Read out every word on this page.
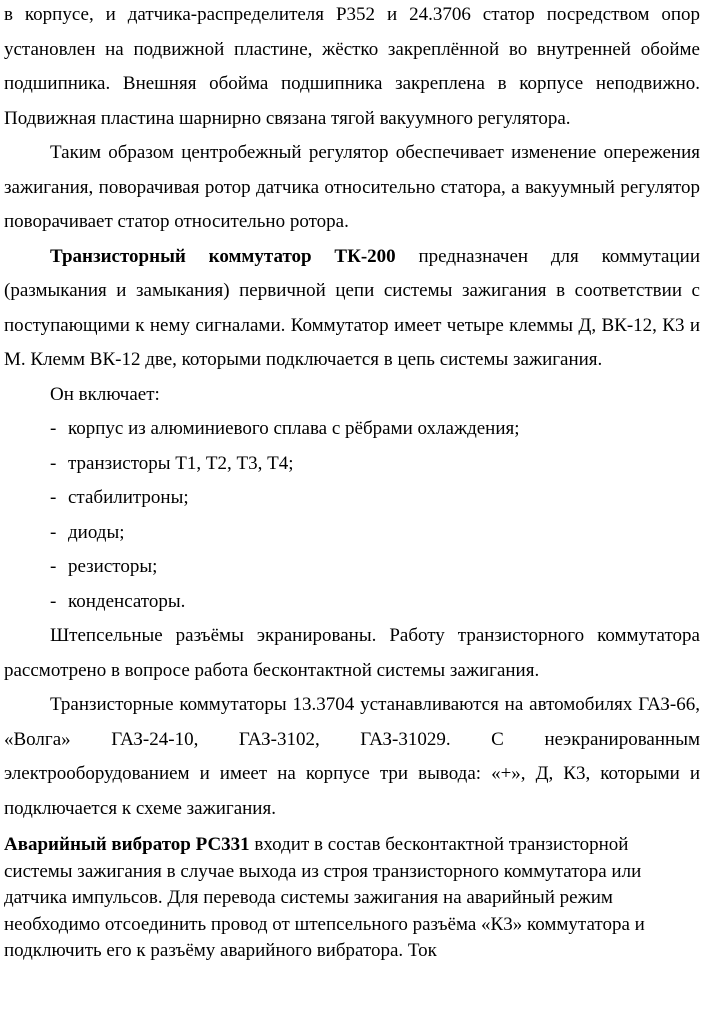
в корпусе, и датчика-распределителя Р352 и 24.3706 статор посредством опор установлен на подвижной пластине, жёстко закреплённой во внутренней обойме подшипника. Внешняя обойма подшипника закреплена в корпусе неподвижно. Подвижная пластина шарнирно связана тягой вакуумного регулятора.

Таким образом центробежный регулятор обеспечивает изменение опережения зажигания, поворачивая ротор датчика относительно статора, а вакуумный регулятор поворачивает статор относительно ротора.

Транзисторный коммутатор ТК-200 предназначен для коммутации (размыкания и замыкания) первичной цепи системы зажигания в соответствии с поступающими к нему сигналами. Коммутатор имеет четыре клеммы Д, ВК-12, К3 и М. Клемм ВК-12 две, которыми подключается в цепь системы зажигания.

Он включает:

- корпус из алюминиевого сплава с рёбрами охлаждения;
- транзисторы Т1, Т2, Т3, Т4;
- стабилитроны;
- диоды;
- резисторы;
- конденсаторы.

Штепсельные разъёмы экранированы. Работу транзисторного коммутатора рассмотрено в вопросе работа бесконтактной системы зажигания.

Транзисторные коммутаторы 13.3704 устанавливаются на автомобилях ГАЗ-66, «Волга» ГАЗ-24-10, ГАЗ-3102, ГАЗ-31029. С неэкранированным электрооборудованием и имеет на корпусе три вывода: «+», Д, К3, которыми и подключается к схеме зажигания.

Аварийный вибратор РС331 входит в состав бесконтактной транзисторной системы зажигания в случае выхода из строя транзисторного коммутатора или датчика импульсов. Для перевода системы зажигания на аварийный режим необходимо отсоединить провод от штепсельного разъёма «К3» коммутатора и подключить его к разъёму аварийного вибратора. Ток
